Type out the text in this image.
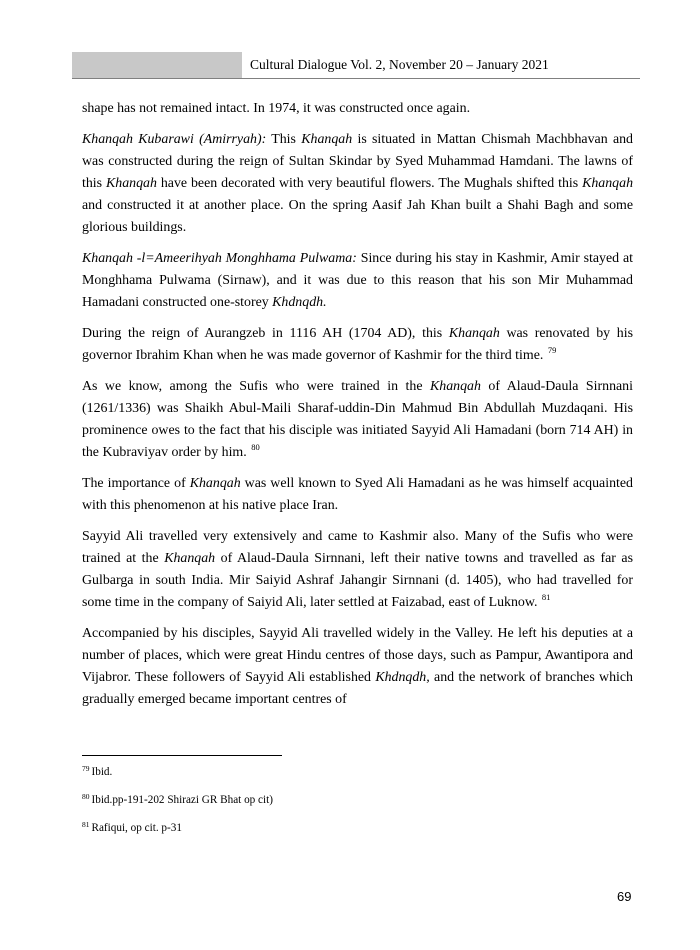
Cultural Dialogue Vol. 2, November 20 – January 2021

shape has not remained intact. In 1974, it was constructed once again.

Khanqah Kubarawi (Amirryah): This Khanqah is situated in Mattan Chismah Machbhavan and was constructed during the reign of Sultan Skindar by Syed Muhammad Hamdani. The lawns of this Khanqah have been decorated with very beautiful flowers. The Mughals shifted this Khanqah and constructed it at another place. On the spring Aasif Jah Khan built a Shahi Bagh and some glorious buildings.

Khanqah -l=Ameerihyah Monghhama Pulwama: Since during his stay in Kashmir, Amir stayed at Monghhama Pulwama (Sirnaw), and it was due to this reason that his son Mir Muhammad Hamadani constructed one-storey Khdnqdh.

During the reign of Aurangzeb in 1116 AH (1704 AD), this Khanqah was renovated by his governor Ibrahim Khan when he was made governor of Kashmir for the third time. $^{79}$

As we know, among the Sufis who were trained in the Khanqah of Alaud-Daula Sirnnani (1261/1336) was Shaikh Abul-Maili Sharaf-uddin-Din Mahmud Bin Abdullah Muzdaqani. His prominence owes to the fact that his disciple was initiated Sayyid Ali Hamadani (born 714 AH) in the Kubraviyav order by him. $^{80}$

The importance of Khanqah was well known to Syed Ali Hamadani as he was himself acquainted with this phenomenon at his native place Iran.

Sayyid Ali travelled very extensively and came to Kashmir also. Many of the Sufis who were trained at the Khanqah of Alaud-Daula Sirnnani, left their native towns and travelled as far as Gulbarga in south India. Mir Saiyid Ashraf Jahangir Sirnnani (d. 1405), who had travelled for some time in the company of Saiyid Ali, later settled at Faizabad, east of Luknow. $^{81}$

Accompanied by his disciples, Sayyid Ali travelled widely in the Valley. He left his deputies at a number of places, which were great Hindu centres of those days, such as Pampur, Awantipora and Vijabror. These followers of Sayyid Ali established Khdnqdh, and the network of branches which gradually emerged became important centres of

$^{79}$ Ibid.
$^{80}$ Ibid.pp-191-202 Shirazi GR Bhat op cit)
$^{81}$ Rafiqui, op cit. p-31
69
